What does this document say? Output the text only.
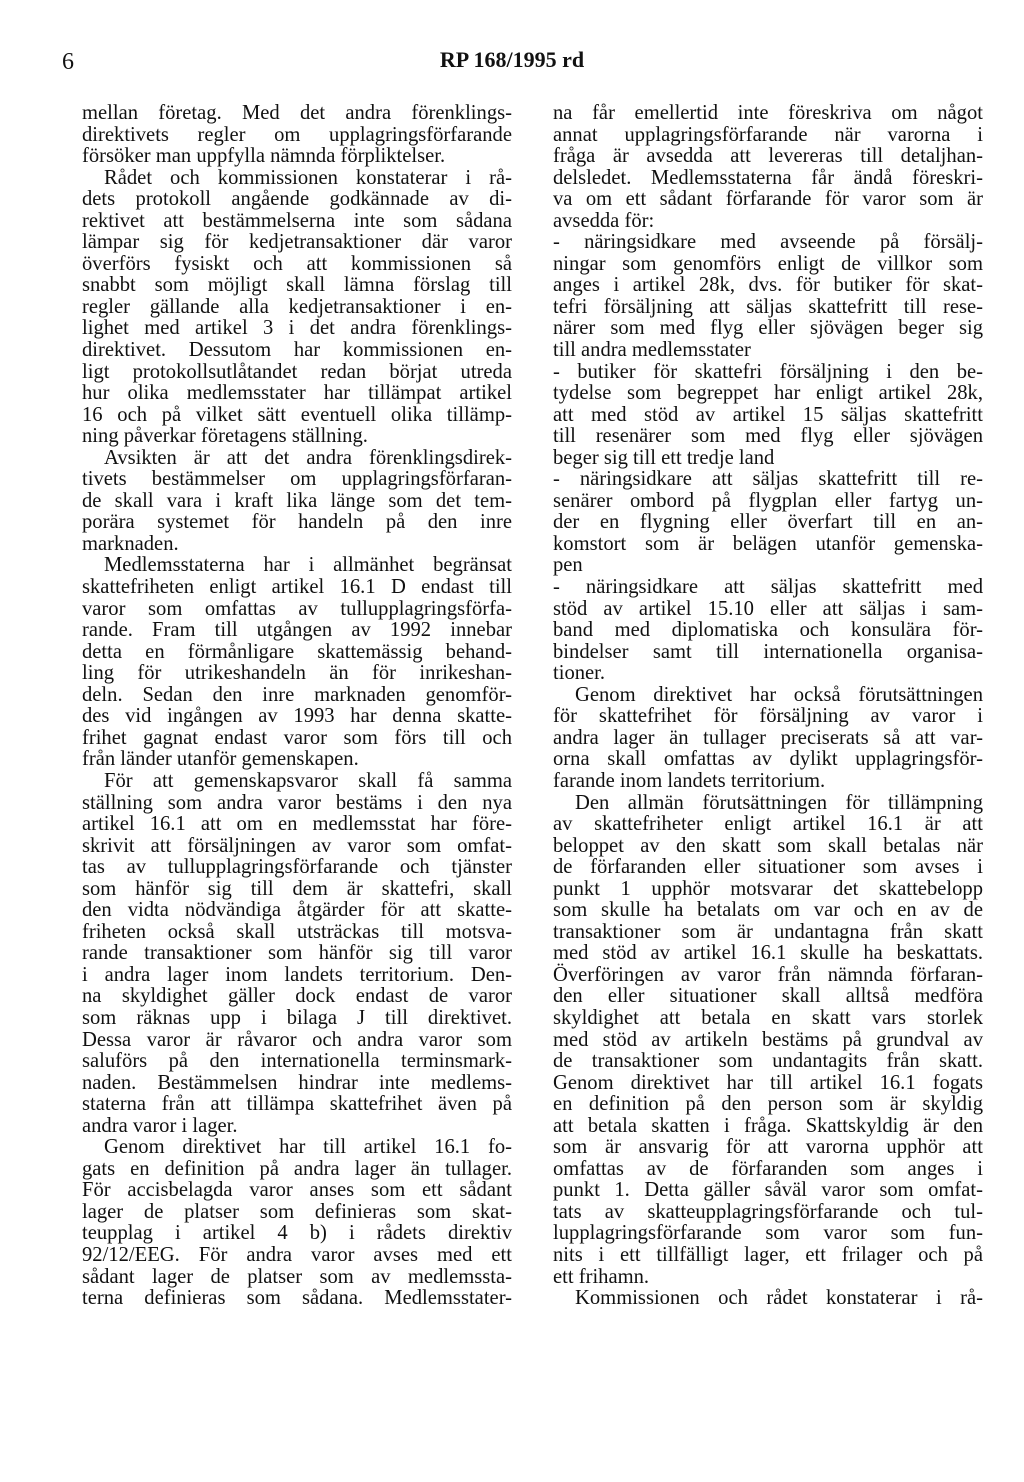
6	RP 168/1995 rd

mellan företag. Med det andra förenklings-

direktivets regler om upplagringsförfarande

försöker man uppfylla nämnda förpliktelser.

Rådet och kommissionen konstaterar i rå-

dets protokoll angående godkännade av di-

rektivet att bestämmelserna inte som sådana

lämpar sig för kedjetransaktioner där varor

överförs fysiskt och att kommissionen så

snabbt som möjligt skall lämna förslag till

regler gällande alla kedjetransaktioner i en-

lighet med artikel 3 i det andra förenklings-

direktivet. Dessutom har kommissionen en-

ligt protokollsutlåtandet redan börjat utreda

hur olika medlemsstater har tillämpat artikel

16 och på vilket sätt eventuell olika tillämp-

ning påverkar företagens ställning.

Avsikten är att det andra förenklingsdirek-

tivets bestämmelser om upplagringsförfaran-

de skall vara i kraft lika länge som det tem-

porära systemet för handeln på den inre

marknaden.

Medlemsstaterna har i allmänhet begränsat

skattefriheten enligt artikel 16.1 D endast till

varor som omfattas av tullupplagringsförfa-

rande. Fram till utgången av 1992 innebar

detta en förmånligare skattemässig behand-

ling för utrikeshandeln än för inrikeshan-

deln. Sedan den inre marknaden genomför-

des vid ingången av 1993 har denna skatte-

frihet gagnat endast varor som förs till och

från länder utanför gemenskapen.

För att gemenskapsvaror skall få samma

ställning som andra varor bestäms i den nya

artikel 16.1 att om en medlemsstat har före-

skrivit att försäljningen av varor som omfat-

tas av tullupplagringsförfarande och tjänster

som hänför sig till dem är skattefri, skall

den vidta nödvändiga åtgärder för att skatte-

friheten också skall utsträckas till motsva-

rande transaktioner som hänför sig till varor

i andra lager inom landets territorium. Den-

na skyldighet gäller dock endast de varor

som räknas upp i bilaga J till direktivet.

Dessa varor är råvaror och andra varor som

saluförs på den internationella terminsmark-

naden. Bestämmelsen hindrar inte medlems-

staterna från att tillämpa skattefrihet även på

andra varor i lager.

Genom direktivet har till artikel 16.1 fo-

gats en definition på andra lager än tullager.

För accisbelagda varor anses som ett sådant

lager de platser som definieras som skat-

teupplag i artikel 4 b) i rådets direktiv

92/12/EEG. För andra varor avses med ett

sådant lager de platser som av medlemssta-

terna definieras som sådana. Medlemsstater-

na får emellertid inte föreskriva om något

annat upplagringsförfarande när varorna i

fråga är avsedda att levereras till detaljhan-

delsledet. Medlemsstaterna får ändå föreskri-

va om ett sådant förfarande för varor som är

avsedda för:

- näringsidkare med avseende på försälj-

ningar som genomförs enligt de villkor som

anges i artikel 28k, dvs. för butiker för skat-

tefri försäljning att säljas skattefritt till rese-

närer som med flyg eller sjövägen beger sig

till andra medlemsstater

- butiker för skattefri försäljning i den be-

tydelse som begreppet har enligt artikel 28k,

att med stöd av artikel 15 säljas skattefritt

till resenärer som med flyg eller sjövägen

beger sig till ett tredje land

- näringsidkare att säljas skattefritt till re-

senärer ombord på flygplan eller fartyg un-

der en flygning eller överfart till en an-

komstort som är belägen utanför gemenska-

pen

- näringsidkare att säljas skattefritt med

stöd av artikel 15.10 eller att säljas i sam-

band med diplomatiska och konsulära för-

bindelser samt till internationella organisa-

tioner.

Genom direktivet har också förutsättningen

för skattefrihet för försäljning av varor i

andra lager än tullager preciserats så att var-

orna skall omfattas av dylikt upplagringsför-

farande inom landets territorium.

Den allmän förutsättningen för tillämpning

av skattefriheter enligt artikel 16.1 är att

beloppet av den skatt som skall betalas när

de förfaranden eller situationer som avses i

punkt 1 upphör motsvarar det skattebelopp

som skulle ha betalats om var och en av de

transaktioner som är undantagna från skatt

med stöd av artikel 16.1 skulle ha beskattats.

Överföringen av varor från nämnda förfaran-

den eller situationer skall alltså medföra

skyldighet att betala en skatt vars storlek

med stöd av artikeln bestäms på grundval av

de transaktioner som undantagits från skatt.

Genom direktivet har till artikel 16.1 fogats

en definition på den person som är skyldig

att betala skatten i fråga. Skattskyldig är den

som är ansvarig för att varorna upphör att

omfattas av de förfaranden som anges i

punkt 1. Detta gäller såväl varor som omfat-

tats av skatteupplagringsförfarande och tul-

lupplagringsförfarande som varor som fun-

nits i ett tillfälligt lager, ett frilager och på

ett frihamn.

Kommissionen och rådet konstaterar i rå-
